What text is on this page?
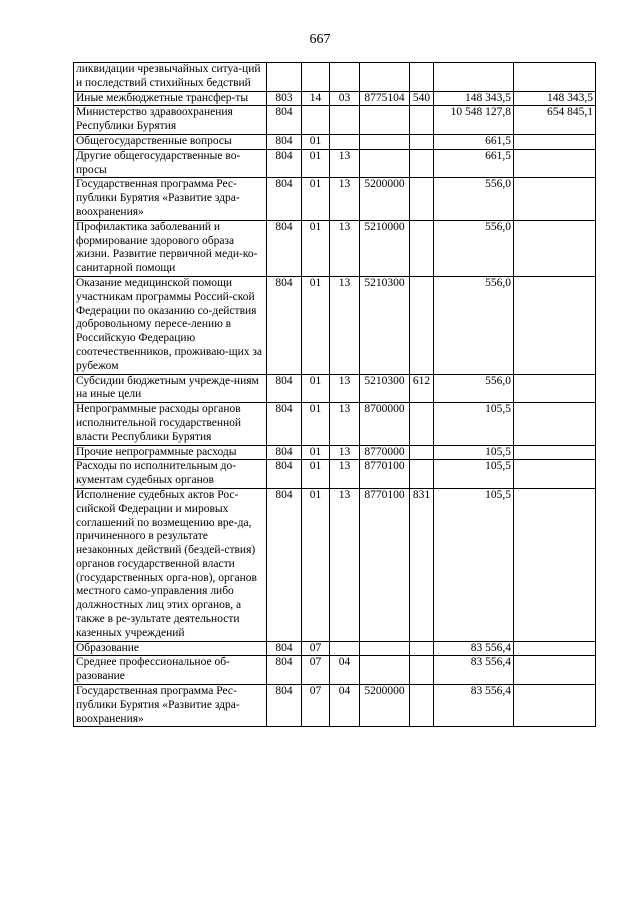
667
ликвидации чрезвычайных ситуа-ций и последствий стихийных бедствий							
Иные межбюджетные трансфер-ты	803	14	03	8775104	540	148 343,5	148 343,5
Министерство здравоохранения Республики Бурятия	804					10 548 127,8	654 845,1
Общегосударственные вопросы	804	01				661,5	
Другие общегосударственные во-просы	804	01	13			661,5	
Государственная программа Рес-публики Бурятия «Развитие здра-воохранения»	804	01	13	5200000		556,0	
Профилактика заболеваний и формирование здорового образа жизни. Развитие первичной меди-ко-санитарной помощи	804	01	13	5210000		556,0	
Оказание медицинской помощи участникам программы Россий-ской Федерации по оказанию со-действия добровольному пересе-лению в Российскую Федерацию соотечественников, проживаю-щих за рубежом	804	01	13	5210300		556,0	
Субсидии бюджетным учрежде-ниям на иные цели	804	01	13	5210300	612	556,0	
Непрограммные расходы органов исполнительной государственной власти Республики Бурятия	804	01	13	8700000		105,5	
Прочие непрограммные расходы	804	01	13	8770000		105,5	
Расходы по исполнительным до-кументам судебных органов	804	01	13	8770100		105,5	
Исполнение судебных актов Рос-сийской Федерации и мировых соглашений по возмещению вре-да, причиненного в результате незаконных действий (бездей-ствия) органов государственной власти (государственных орга-нов), органов местного само-управления либо должностных лиц этих органов, а также в ре-зультате деятельности казенных учреждений	804	01	13	8770100	831	105,5	
Образование	804	07				83 556,4	
Среднее профессиональное об-разование	804	07	04			83 556,4	
Государственная программа Рес-публики Бурятия «Развитие здра-воохранения»	804	07	04	5200000		83 556,4	
